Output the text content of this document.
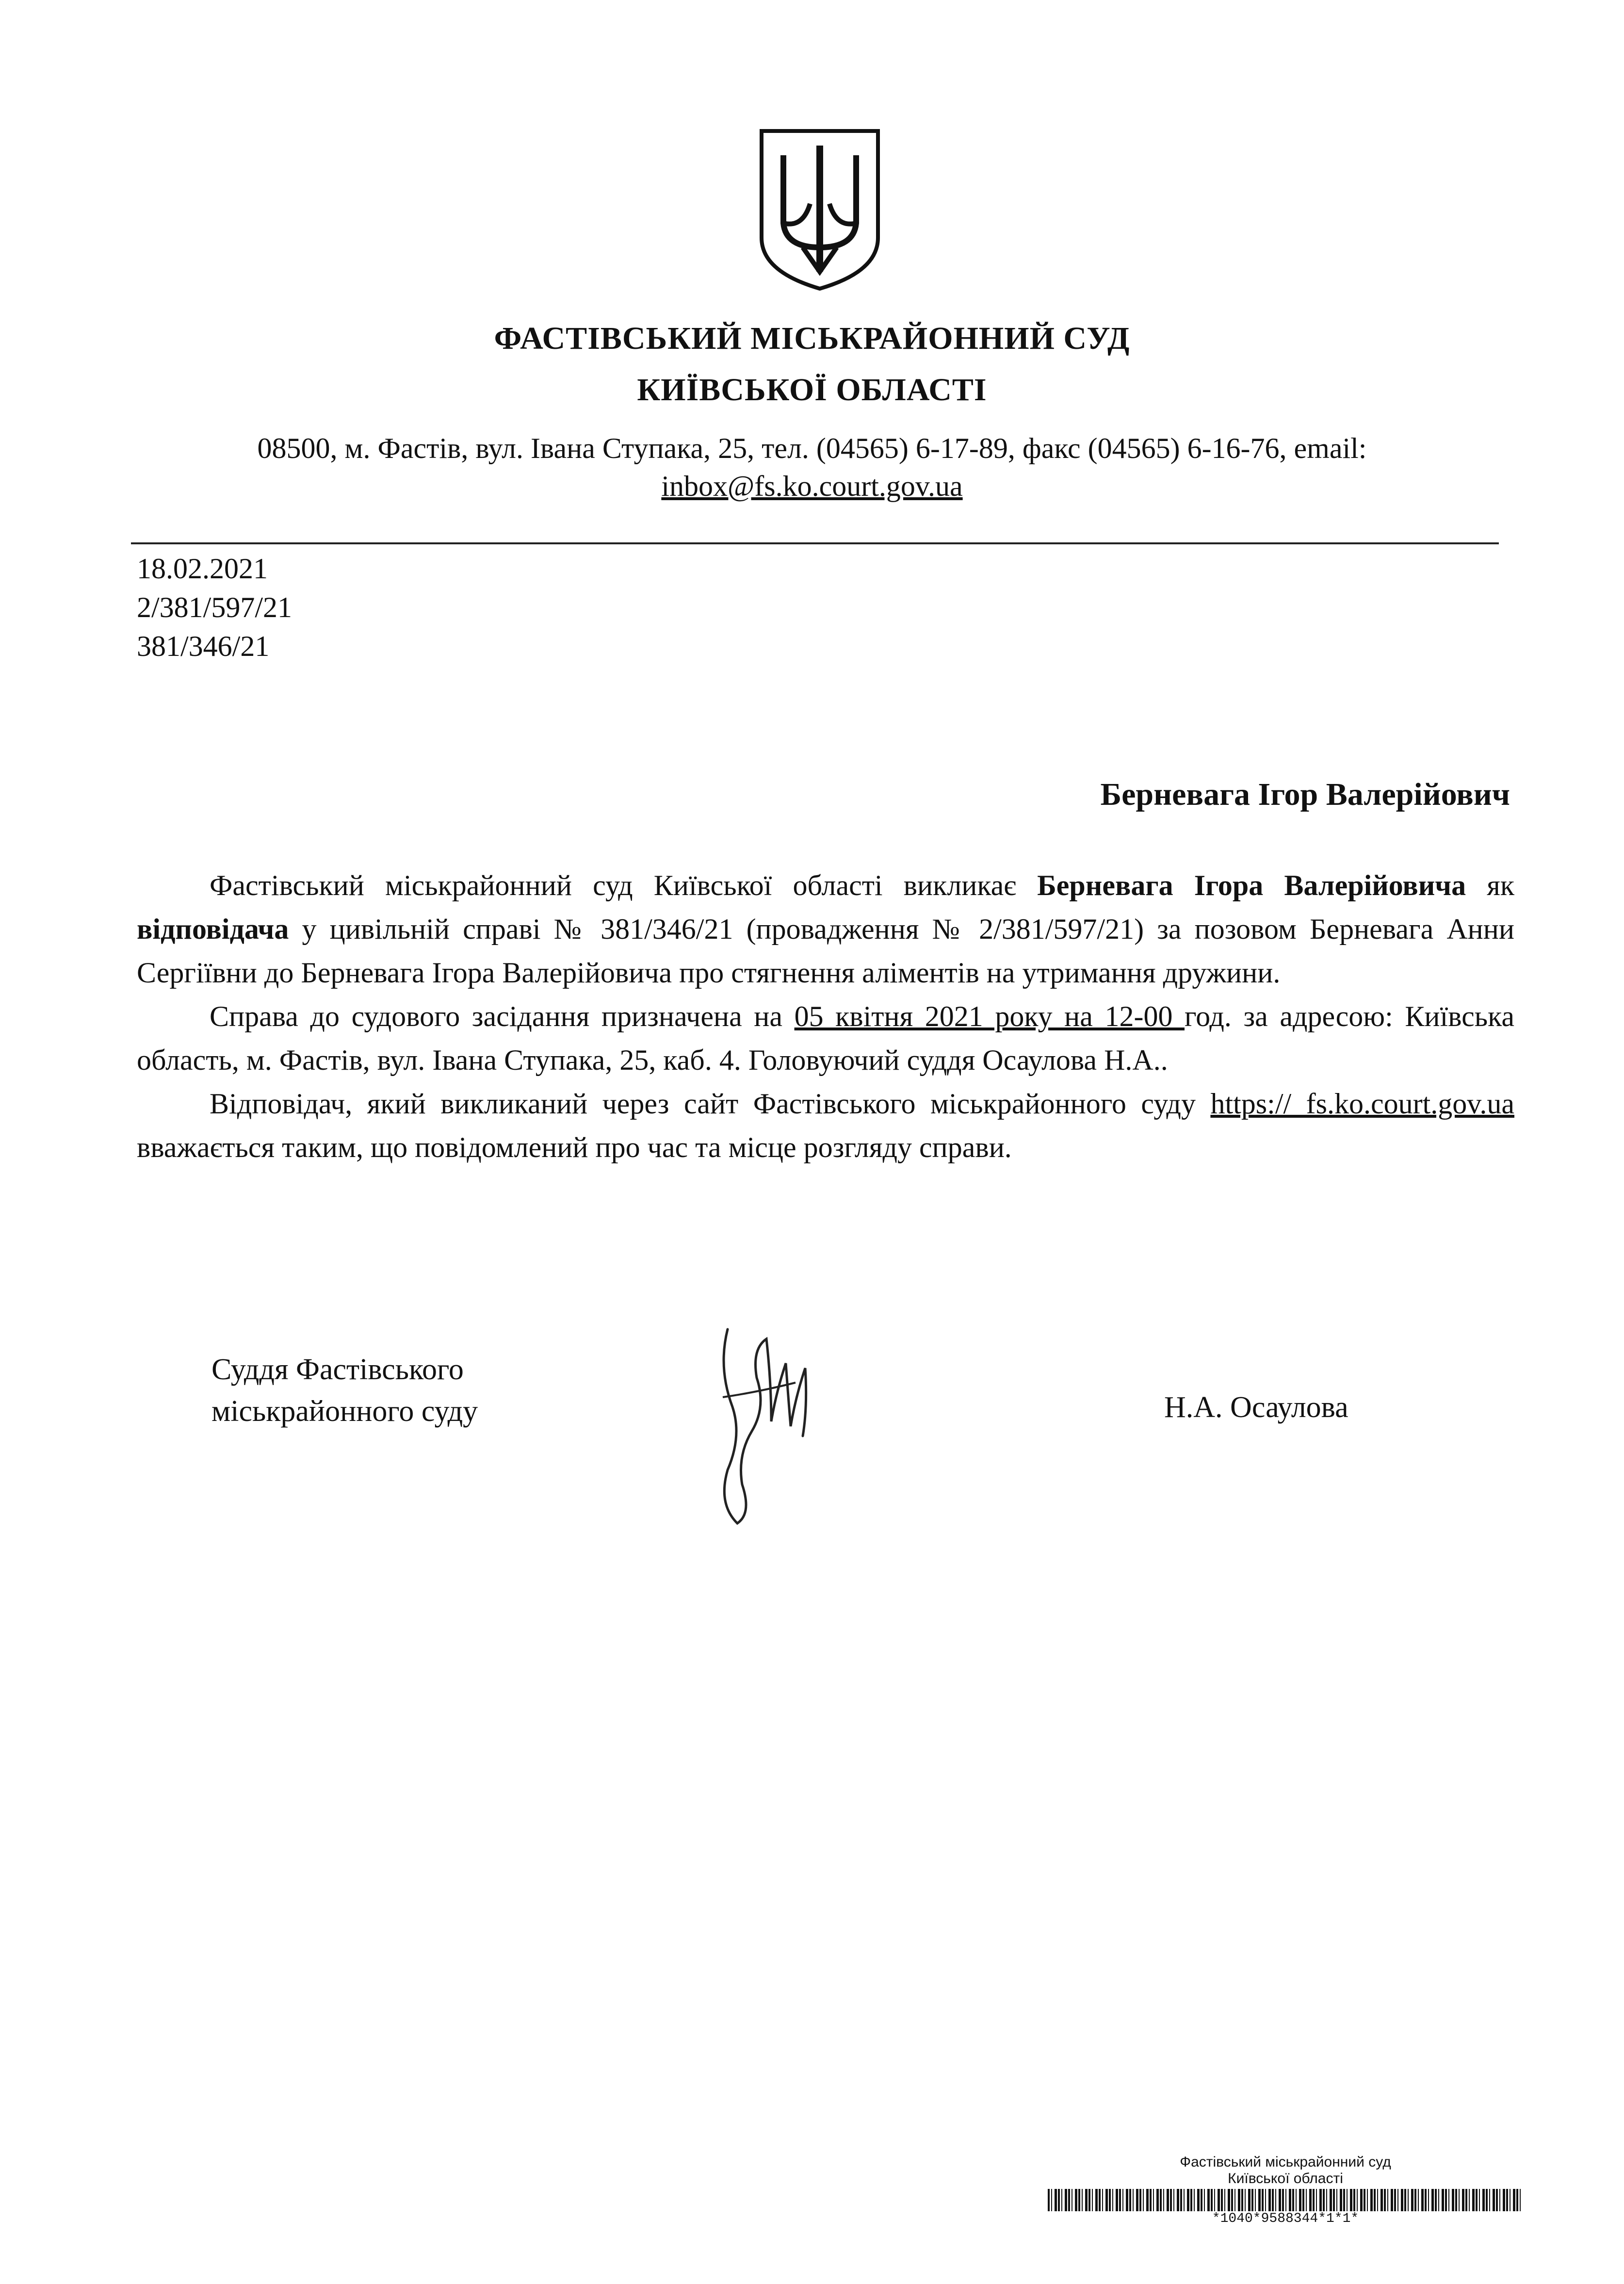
ФАСТІВСЬКИЙ МІСЬКРАЙОННИЙ СУД
КИЇВСЬКОЇ ОБЛАСТІ
08500, м. Фастів, вул. Івана Ступака, 25, тел. (04565) 6-17-89, факс (04565) 6-16-76, email:
inbox@fs.ko.court.gov.ua
18.02.2021
2/381/597/21
381/346/21
Берневага Ігор Валерійович

Фастівський міськрайонний суд Київської області викликає Берневага Ігора Валерійовича як відповідача у цивільній справі № 381/346/21 (провадження № 2/381/597/21) за позовом Берневага Анни Сергіївни до Берневага Ігора Валерійовича про стягнення аліментів на утримання дружини.

Справа до судового засідання призначена на 05 квітня 2021 року на 12-00 год. за адресою: Київська область, м. Фастів, вул. Івана Ступака, 25, каб. 4. Головуючий суддя Осаулова Н.А..

Відповідач, який викликаний через сайт Фастівського міськрайонного суду https:// fs.ko.court.gov.ua вважається таким, що повідомлений про час та місце розгляду справи.

Суддя Фастівського
міськрайонного суду	Н.А. Осаулова
Фастівський міськрайонний суд
Київської області
*1040*9588344*1*1*
